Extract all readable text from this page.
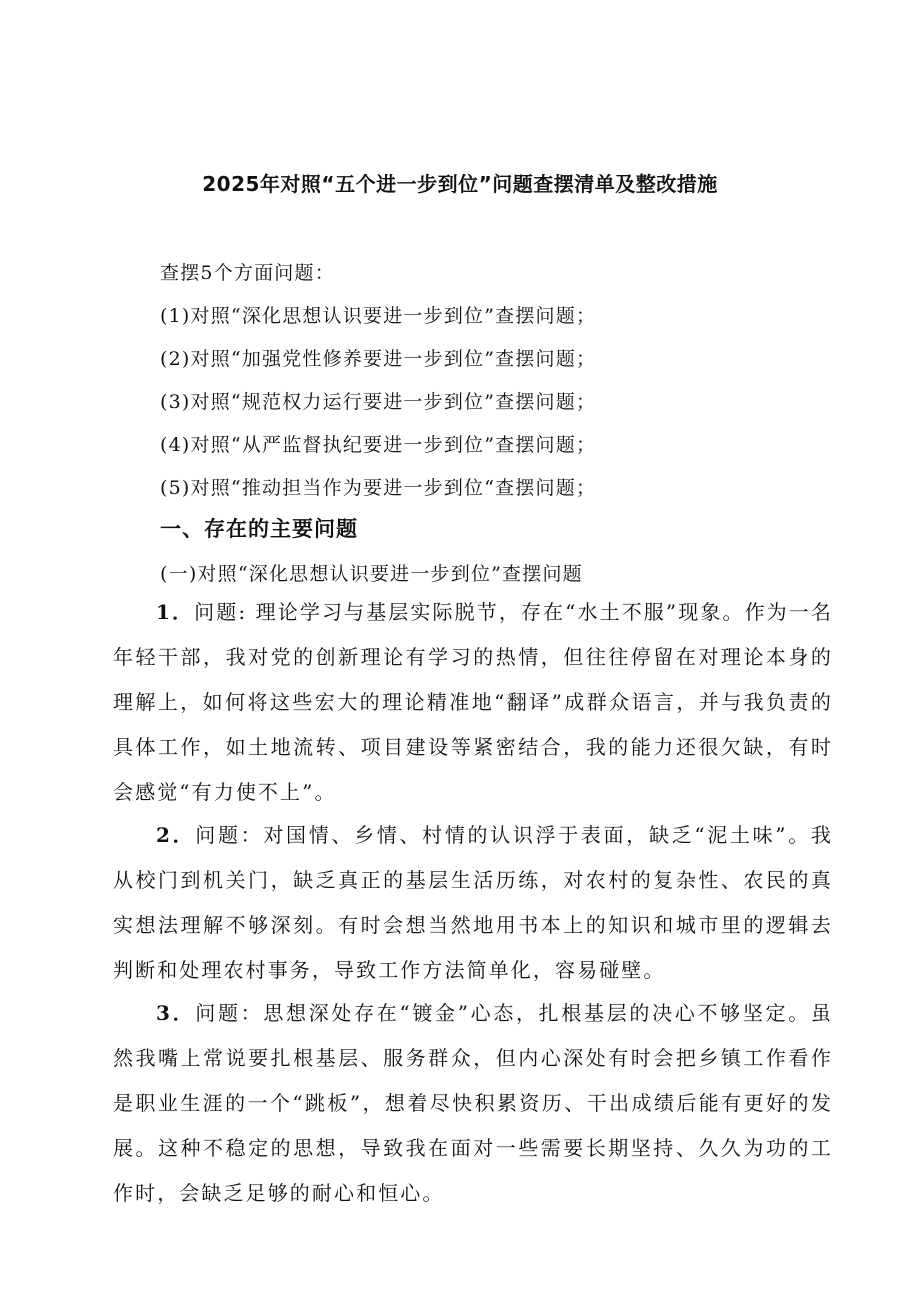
2025年对照“五个进一步到位”问题查摆清单及整改措施
查摆5个方面问题：
(1)对照“深化思想认识要进一步到位”查摆问题；
(2)对照“加强党性修养要进一步到位”查摆问题；
(3)对照“规范权力运行要进一步到位”查摆问题；
(4)对照“从严监督执纪要进一步到位”查摆问题；
(5)对照“推动担当作为要进一步到位“查摆问题；
一、存在的主要问题
(一)对照“深化思想认识要进一步到位”查摆问题

1．问题: 理论学习与基层实际脱节，存在“水土不服”现象。作为一名年轻干部，我对党的创新理论有学习的热情，但往往停留在对理论本身的理解上，如何将这些宏大的理论精准地“翻译”成群众语言，并与我负责的具体工作，如土地流转、项目建设等紧密结合，我的能力还很欠缺，有时会感觉“有力使不上”。

2．问题：对国情、乡情、村情的认识浮于表面，缺乏“泥土味”。我从校门到机关门，缺乏真正的基层生活历练，对农村的复杂性、农民的真实想法理解不够深刻。有时会想当然地用书本上的知识和城市里的逻辑去判断和处理农村事务，导致工作方法简单化，容易碰壁。

3．问题：思想深处存在“镀金”心态，扎根基层的决心不够坚定。虽然我嘴上常说要扎根基层、服务群众，但内心深处有时会把乡镇工作看作是职业生涯的一个“跳板”，想着尽快积累资历、干出成绩后能有更好的发展。这种不稳定的思想，导致我在面对一些需要长期坚持、久久为功的工作时，会缺乏足够的耐心和恒心。
